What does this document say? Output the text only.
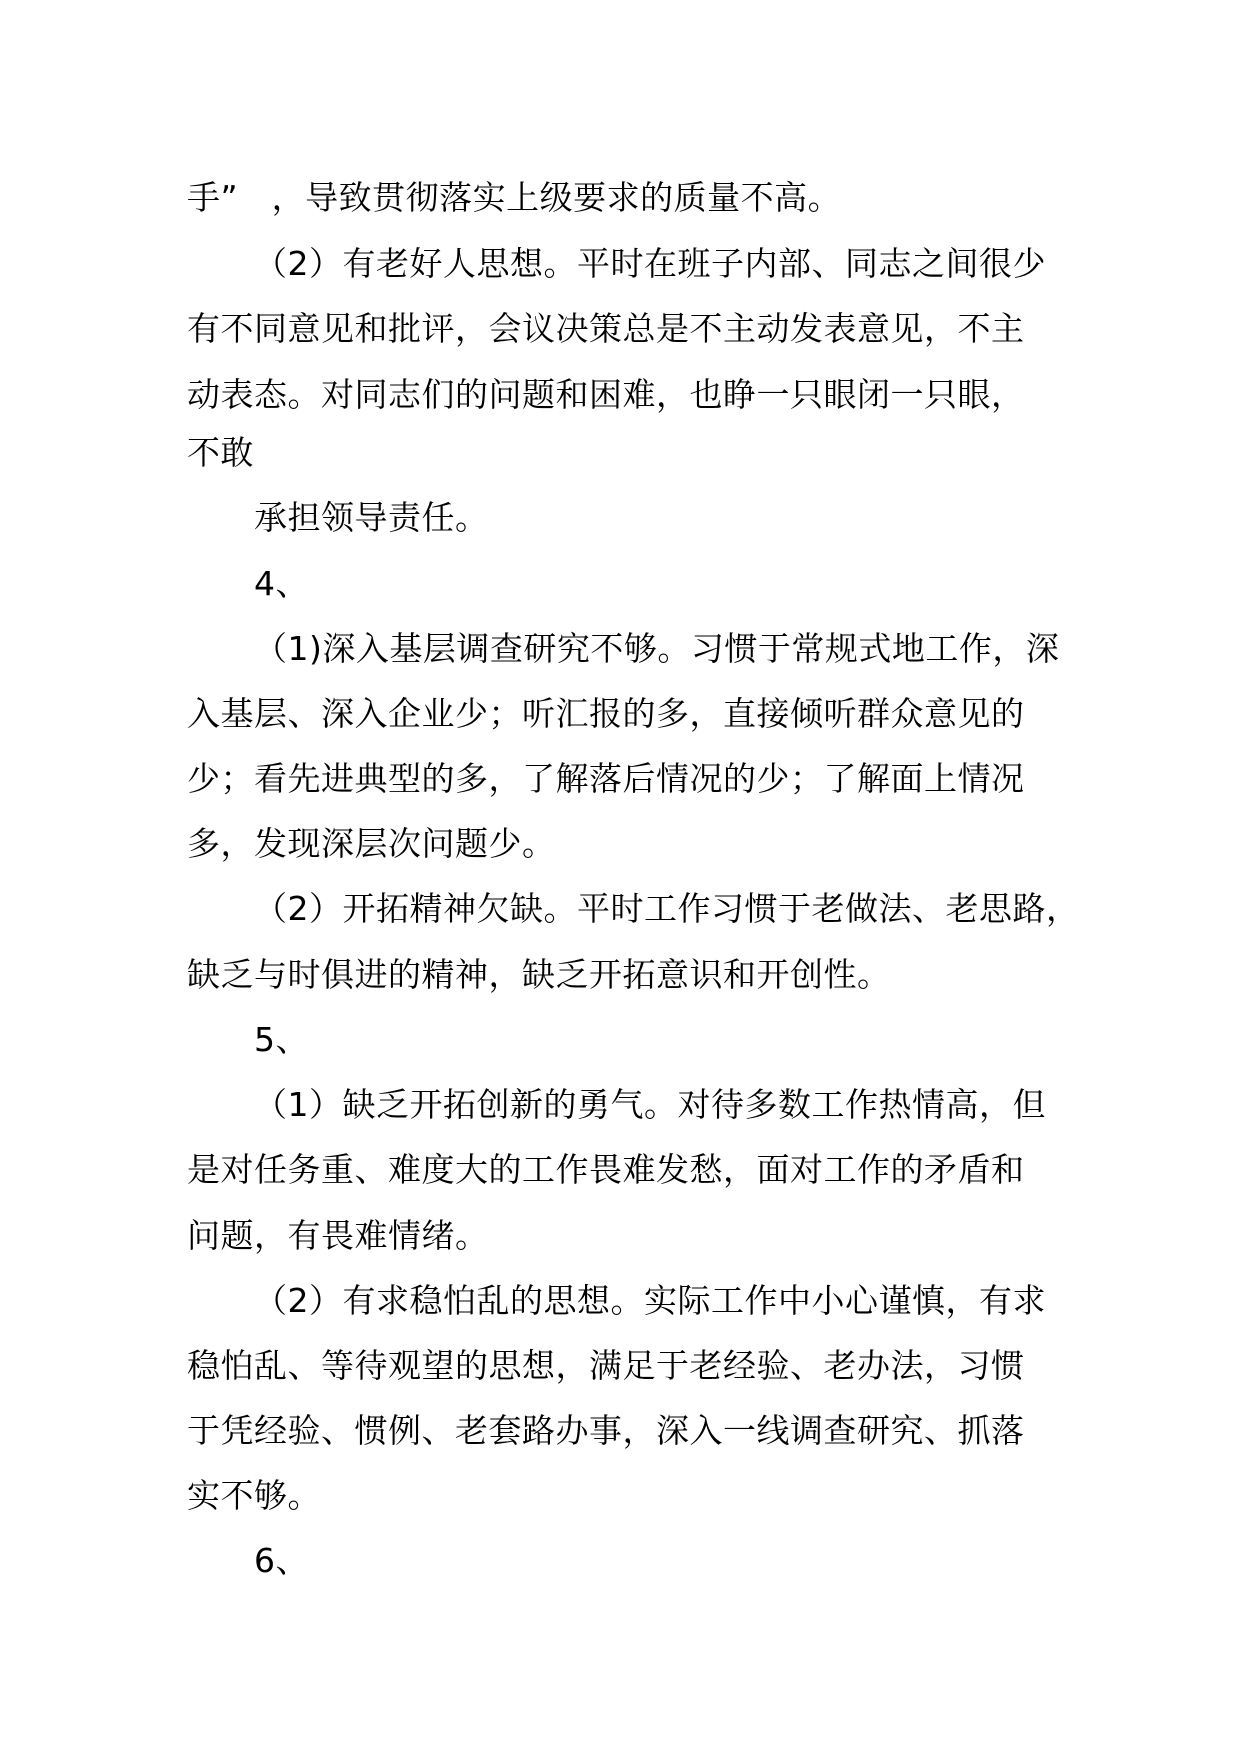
手”　，导致贯彻落实上级要求的质量不高。
（2）有老好人思想。平时在班子内部、同志之间很少
有不同意见和批评，会议决策总是不主动发表意见，不主
动表态。对同志们的问题和困难，也睁一只眼闭一只眼，
不敢
承担领导责任。
4、
（1)深入基层调查研究不够。习惯于常规式地工作，深
入基层、深入企业少；听汇报的多，直接倾听群众意见的
少；看先进典型的多，了解落后情况的少；了解面上情况
多，发现深层次问题少。
（2）开拓精神欠缺。平时工作习惯于老做法、老思路，
缺乏与时俱进的精神，缺乏开拓意识和开创性。
5、
（1）缺乏开拓创新的勇气。对待多数工作热情高，但
是对任务重、难度大的工作畏难发愁，面对工作的矛盾和
问题，有畏难情绪。
（2）有求稳怕乱的思想。实际工作中小心谨慎，有求
稳怕乱、等待观望的思想，满足于老经验、老办法，习惯
于凭经验、惯例、老套路办事，深入一线调查研究、抓落
实不够。
6、
